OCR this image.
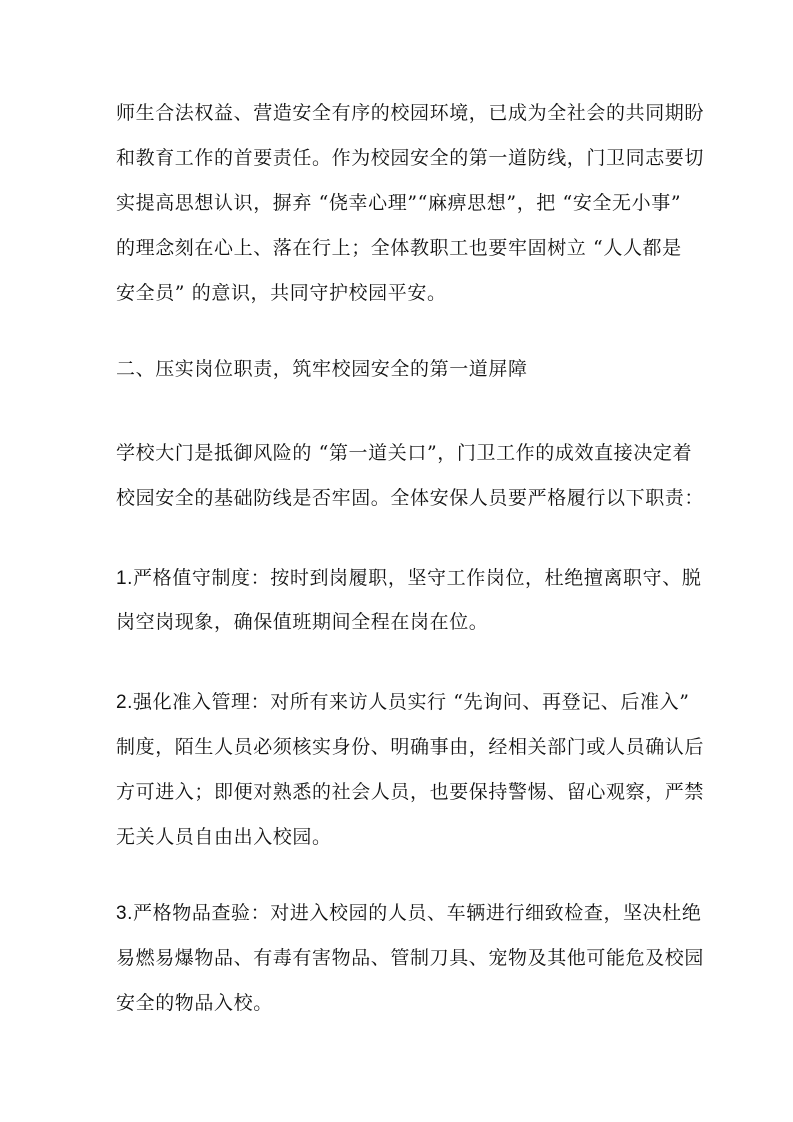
师生合法权益、营造安全有序的校园环境，已成为全社会的共同期盼
和教育工作的首要责任。作为校园安全的第一道防线，门卫同志要切
实提高思想认识，摒弃 “侥幸心理”“麻痹思想”，把 “安全无小事”
的理念刻在心上、落在行上；全体教职工也要牢固树立 “人人都是
安全员” 的意识，共同守护校园平安。
二、压实岗位职责，筑牢校园安全的第一道屏障
学校大门是抵御风险的 “第一道关口”，门卫工作的成效直接决定着
校园安全的基础防线是否牢固。全体安保人员要严格履行以下职责：
1.严格值守制度：按时到岗履职，坚守工作岗位，杜绝擅离职守、脱
岗空岗现象，确保值班期间全程在岗在位。
2.强化准入管理：对所有来访人员实行 “先询问、再登记、后准入”
制度，陌生人员必须核实身份、明确事由，经相关部门或人员确认后
方可进入；即便对熟悉的社会人员，也要保持警惕、留心观察，严禁
无关人员自由出入校园。
3.严格物品查验：对进入校园的人员、车辆进行细致检查，坚决杜绝
易燃易爆物品、有毒有害物品、管制刀具、宠物及其他可能危及校园
安全的物品入校。
